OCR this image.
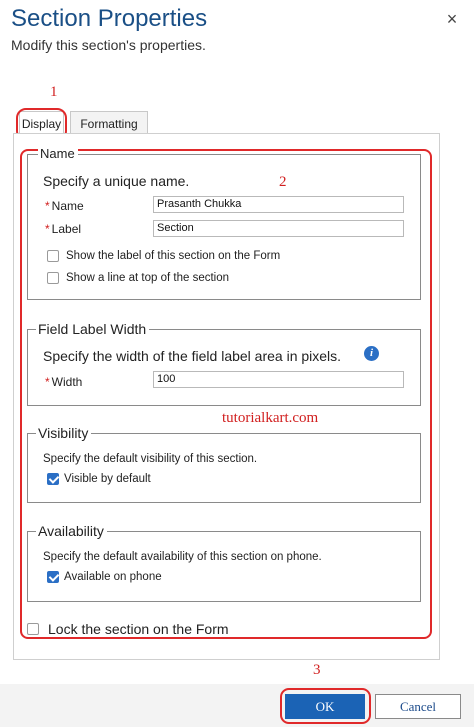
Section Properties
Modify this section's properties.
×
1
Display	Formatting
2
Name
Specify a unique name.
* Name	Prasanth Chukka
* Label	Section
Show the label of this section on the Form
Show a line at top of the section
Field Label Width
Specify the width of the field label area in pixels.	i
* Width	100
tutorialkart.com
Visibility
Specify the default visibility of this section.
Visible by default
Availability
Specify the default availability of this section on phone.
Available on phone
Lock the section on the Form
3
OK	Cancel
